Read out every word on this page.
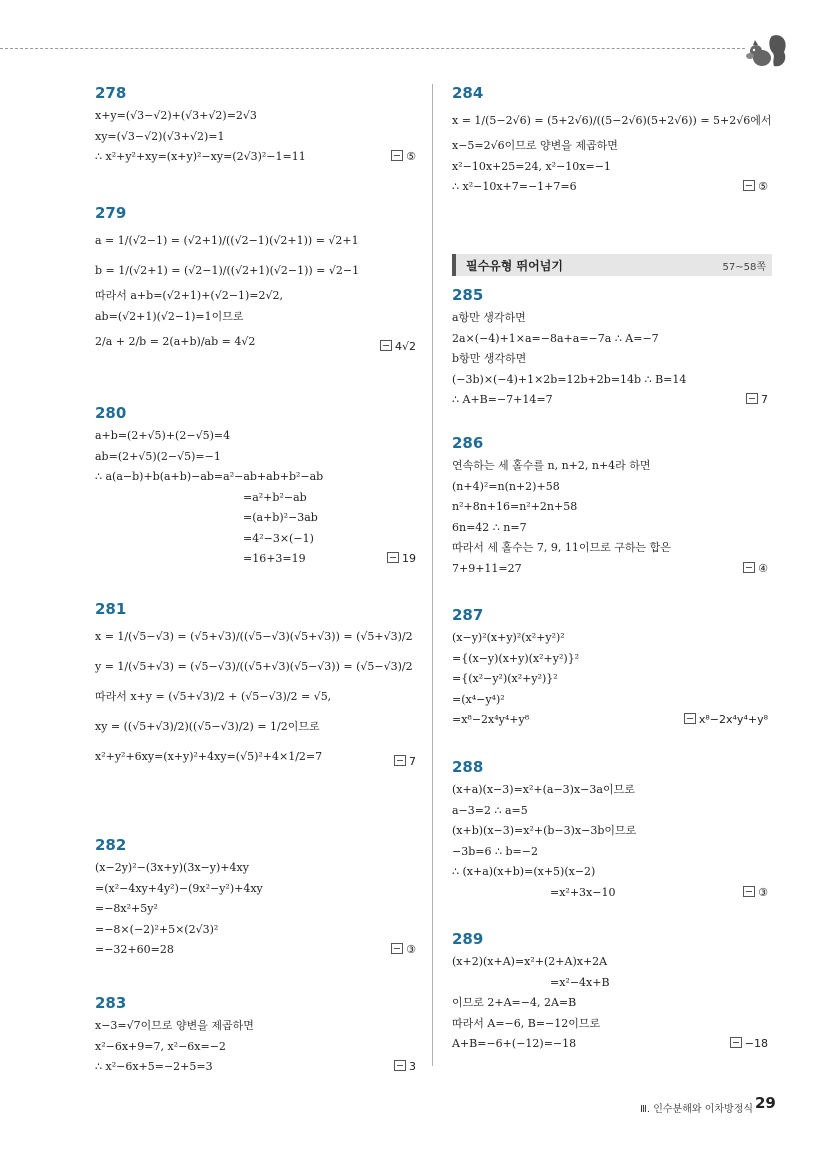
278
x+y=(√3−√2)+(√3+√2)=2√3
xy=(√3−√2)(√3+√2)=1
∴ x²+y²+xy=(x+y)²−xy=(2√3)²−1=11	⑤
279
a = 1/(√2−1) = (√2+1)/((√2−1)(√2+1)) = √2+1
b = 1/(√2+1) = (√2−1)/((√2+1)(√2−1)) = √2−1
따라서 a+b=(√2+1)+(√2−1)=2√2,
ab=(√2+1)(√2−1)=1이므로
2/a + 2/b = 2(a+b)/ab = 4√2	4√2
280
a+b=(2+√5)+(2−√5)=4
ab=(2+√5)(2−√5)=−1
∴ a(a−b)+b(a+b)−ab=a²−ab+ab+b²−ab
=a²+b²−ab
=(a+b)²−3ab
=4²−3×(−1)
=16+3=19	19
281
x = 1/(√5−√3) = (√5+√3)/((√5−√3)(√5+√3)) = (√5+√3)/2
y = 1/(√5+√3) = (√5−√3)/((√5+√3)(√5−√3)) = (√5−√3)/2
따라서 x+y = (√5+√3)/2 + (√5−√3)/2 = √5,
xy = ((√5+√3)/2)((√5−√3)/2) = 1/2이므로
x²+y²+6xy=(x+y)²+4xy=(√5)²+4×1/2=7	7
282
(x−2y)²−(3x+y)(3x−y)+4xy
=(x²−4xy+4y²)−(9x²−y²)+4xy
=−8x²+5y²
=−8×(−2)²+5×(2√3)²
=−32+60=28	③
283
x−3=√7이므로 양변을 제곱하면
x²−6x+9=7, x²−6x=−2
∴ x²−6x+5=−2+5=3	3
284
x = 1/(5−2√6) = (5+2√6)/((5−2√6)(5+2√6)) = 5+2√6에서
x−5=2√6이므로 양변을 제곱하면
x²−10x+25=24, x²−10x=−1
∴ x²−10x+7=−1+7=6	⑤
필수유형 뛰어넘기	57~58쪽
285
a항만 생각하면
2a×(−4)+1×a=−8a+a=−7a ∴ A=−7
b항만 생각하면
(−3b)×(−4)+1×2b=12b+2b=14b ∴ B=14
∴ A+B=−7+14=7	7
286
연속하는 세 홀수를 n, n+2, n+4라 하면
(n+4)²=n(n+2)+58
n²+8n+16=n²+2n+58
6n=42 ∴ n=7
따라서 세 홀수는 7, 9, 11이므로 구하는 합은
7+9+11=27	④
287
(x−y)²(x+y)²(x²+y²)²
={(x−y)(x+y)(x²+y²)}²
={(x²−y²)(x²+y²)}²
=(x⁴−y⁴)²
=x⁸−2x⁴y⁴+y⁸	x⁸−2x⁴y⁴+y⁸
288
(x+a)(x−3)=x²+(a−3)x−3a이므로
a−3=2 ∴ a=5
(x+b)(x−3)=x²+(b−3)x−3b이므로
−3b=6 ∴ b=−2
∴ (x+a)(x+b)=(x+5)(x−2)
=x²+3x−10	③
289
(x+2)(x+A)=x²+(2+A)x+2A
=x²−4x+B
이므로 2+A=−4, 2A=B
따라서 A=−6, B=−12이므로
A+B=−6+(−12)=−18	−18
Ⅲ. 인수분해와 이차방정식 29
